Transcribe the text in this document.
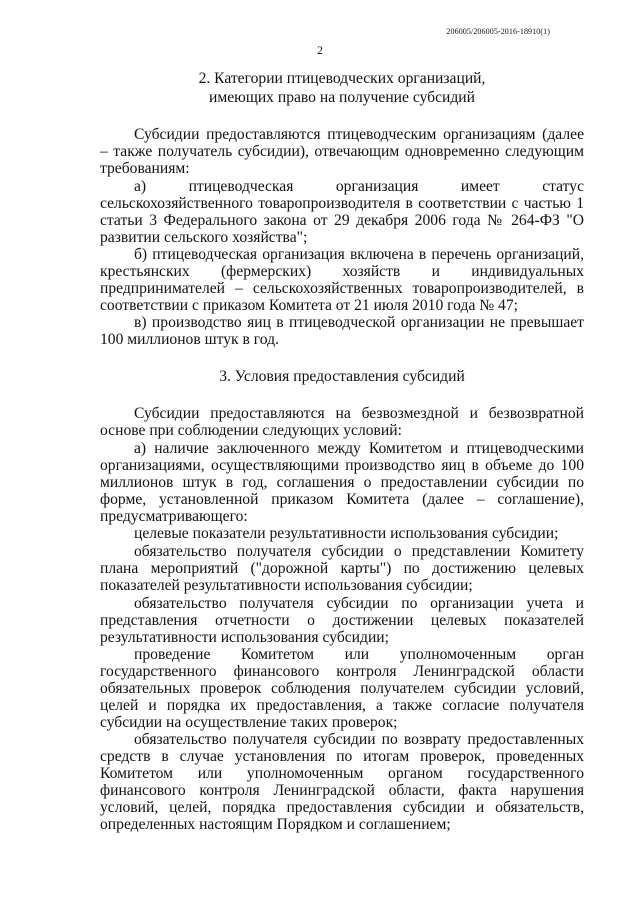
206005/206005-2016-18910(1)
2
2. Категории птицеводческих организаций,
имеющих право на получение субсидий
Субсидии предоставляются птицеводческим организациям (далее – также получатель субсидии), отвечающим одновременно следующим требованиям:
а) птицеводческая организация имеет статус сельскохозяйственного товаропроизводителя в соответствии с частью 1 статьи 3 Федерального закона от 29 декабря 2006 года № 264-ФЗ "О развитии сельского хозяйства";
б) птицеводческая организация включена в перечень организаций, крестьянских (фермерских) хозяйств и индивидуальных предпринимателей – сельскохозяйственных товаропроизводителей, в соответствии с приказом Комитета от 21 июля 2010 года № 47;
в) производство яиц в птицеводческой организации не превышает 100 миллионов штук в год.
3. Условия предоставления субсидий
Субсидии предоставляются на безвозмездной и безвозвратной основе при соблюдении следующих условий:
а) наличие заключенного между Комитетом и птицеводческими организациями, осуществляющими производство яиц в объеме до 100 миллионов штук в год, соглашения о предоставлении субсидии по форме, установленной приказом Комитета (далее – соглашение), предусматривающего:
целевые показатели результативности использования субсидии;
обязательство получателя субсидии о представлении Комитету плана мероприятий ("дорожной карты") по достижению целевых показателей результативности использования субсидии;
обязательство получателя субсидии по организации учета и представления отчетности о достижении целевых показателей результативности использования субсидии;
проведение Комитетом или уполномоченным орган государственного финансового контроля Ленинградской области обязательных проверок соблюдения получателем субсидии условий, целей и порядка их предоставления, а также согласие получателя субсидии на осуществление таких проверок;
обязательство получателя субсидии по возврату предоставленных средств в случае установления по итогам проверок, проведенных Комитетом или уполномоченным органом государственного финансового контроля Ленинградской области, факта нарушения условий, целей, порядка предоставления субсидии и обязательств, определенных настоящим Порядком и соглашением;
